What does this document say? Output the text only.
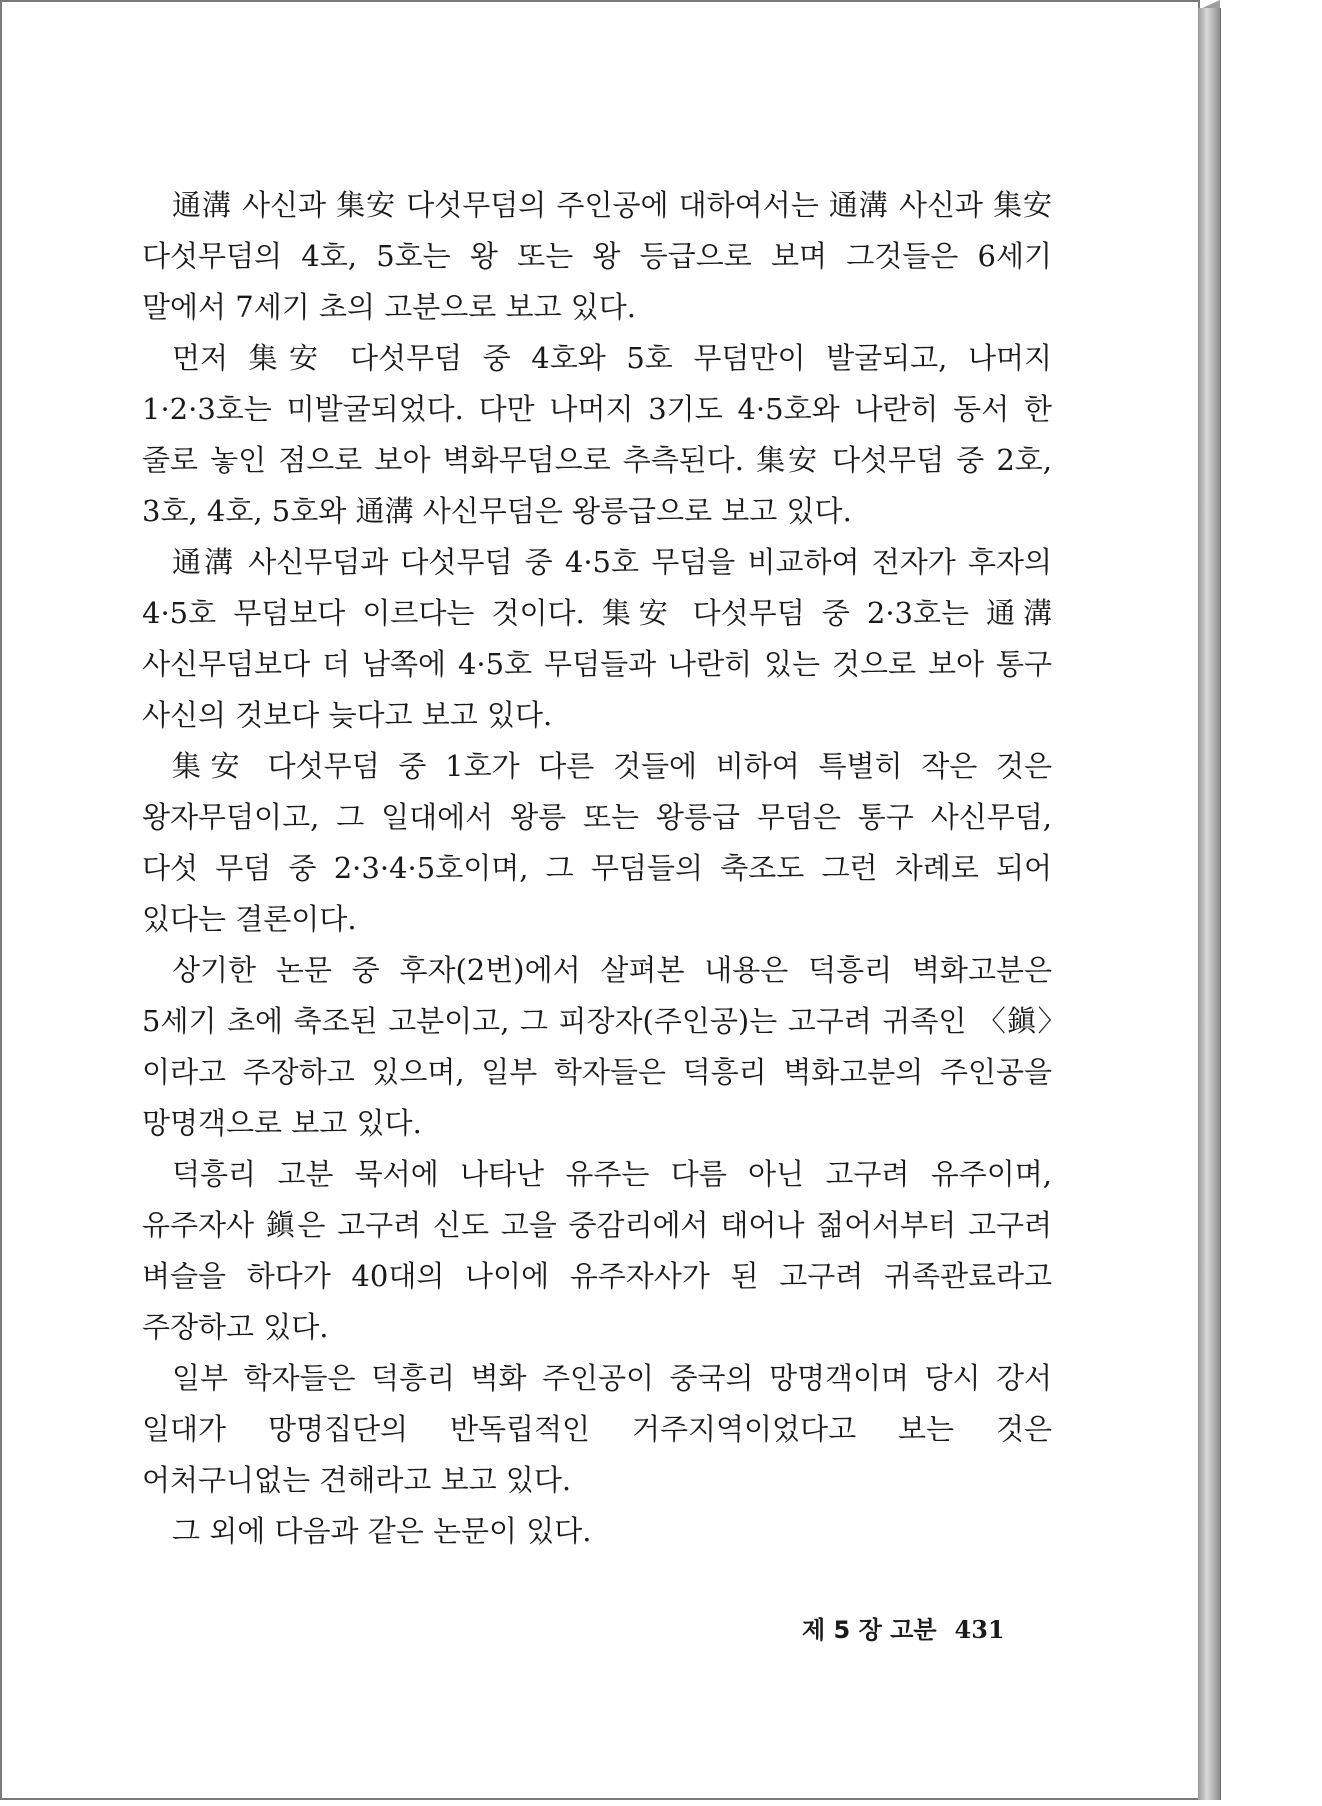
通溝 사신과 集安 다섯무덤의 주인공에 대하여서는 通溝 사신과 集安 다섯무덤의 4호, 5호는 왕 또는 왕 등급으로 보며 그것들은 6세기 말에서 7세기 초의 고분으로 보고 있다.

먼저 集安 다섯무덤 중 4호와 5호 무덤만이 발굴되고, 나머지 1·2·3호는 미발굴되었다. 다만 나머지 3기도 4·5호와 나란히 동서 한 줄로 놓인 점으로 보아 벽화무덤으로 추측된다. 集安 다섯무덤 중 2호, 3호, 4호, 5호와 通溝 사신무덤은 왕릉급으로 보고 있다.

通溝 사신무덤과 다섯무덤 중 4·5호 무덤을 비교하여 전자가 후자의 4·5호 무덤보다 이르다는 것이다. 集安 다섯무덤 중 2·3호는 通溝 사신무덤보다 더 남쪽에 4·5호 무덤들과 나란히 있는 것으로 보아 통구 사신의 것보다 늦다고 보고 있다.

集安 다섯무덤 중 1호가 다른 것들에 비하여 특별히 작은 것은 왕자무덤이고, 그 일대에서 왕릉 또는 왕릉급 무덤은 통구 사신무덤, 다섯 무덤 중 2·3·4·5호이며, 그 무덤들의 축조도 그런 차례로 되어 있다는 결론이다.

상기한 논문 중 후자(2번)에서 살펴본 내용은 덕흥리 벽화고분은 5세기 초에 축조된 고분이고, 그 피장자(주인공)는 고구려 귀족인 〈鎭〉이라고 주장하고 있으며, 일부 학자들은 덕흥리 벽화고분의 주인공을 망명객으로 보고 있다.

덕흥리 고분 묵서에 나타난 유주는 다름 아닌 고구려 유주이며, 유주자사 鎭은 고구려 신도 고을 중감리에서 태어나 젊어서부터 고구려 벼슬을 하다가 40대의 나이에 유주자사가 된 고구려 귀족관료라고 주장하고 있다.

일부 학자들은 덕흥리 벽화 주인공이 중국의 망명객이며 당시 강서 일대가 망명집단의 반독립적인 거주지역이었다고 보는 것은 어처구니없는 견해라고 보고 있다.

그 외에 다음과 같은 논문이 있다.

제 5 장 고분 431
